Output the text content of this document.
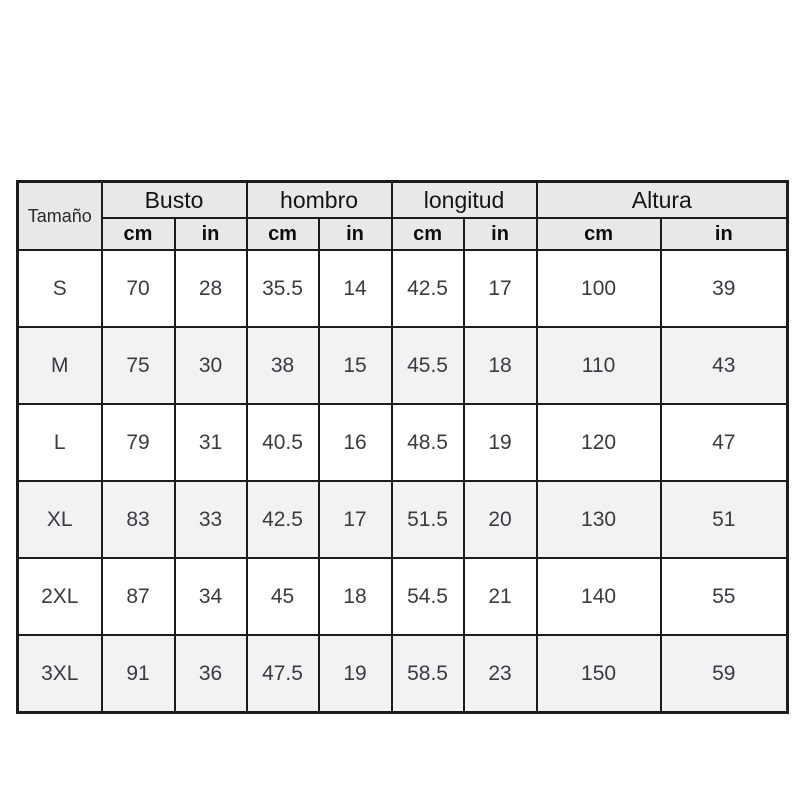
Tamaño	Busto		hombro		longitud		Altura	
	cm	in	cm	in	cm	in	cm	in
S	70	28	35.5	14	42.5	17	100	39
M	75	30	38	15	45.5	18	110	43
L	79	31	40.5	16	48.5	19	120	47
XL	83	33	42.5	17	51.5	20	130	51
2XL	87	34	45	18	54.5	21	140	55
3XL	91	36	47.5	19	58.5	23	150	59
